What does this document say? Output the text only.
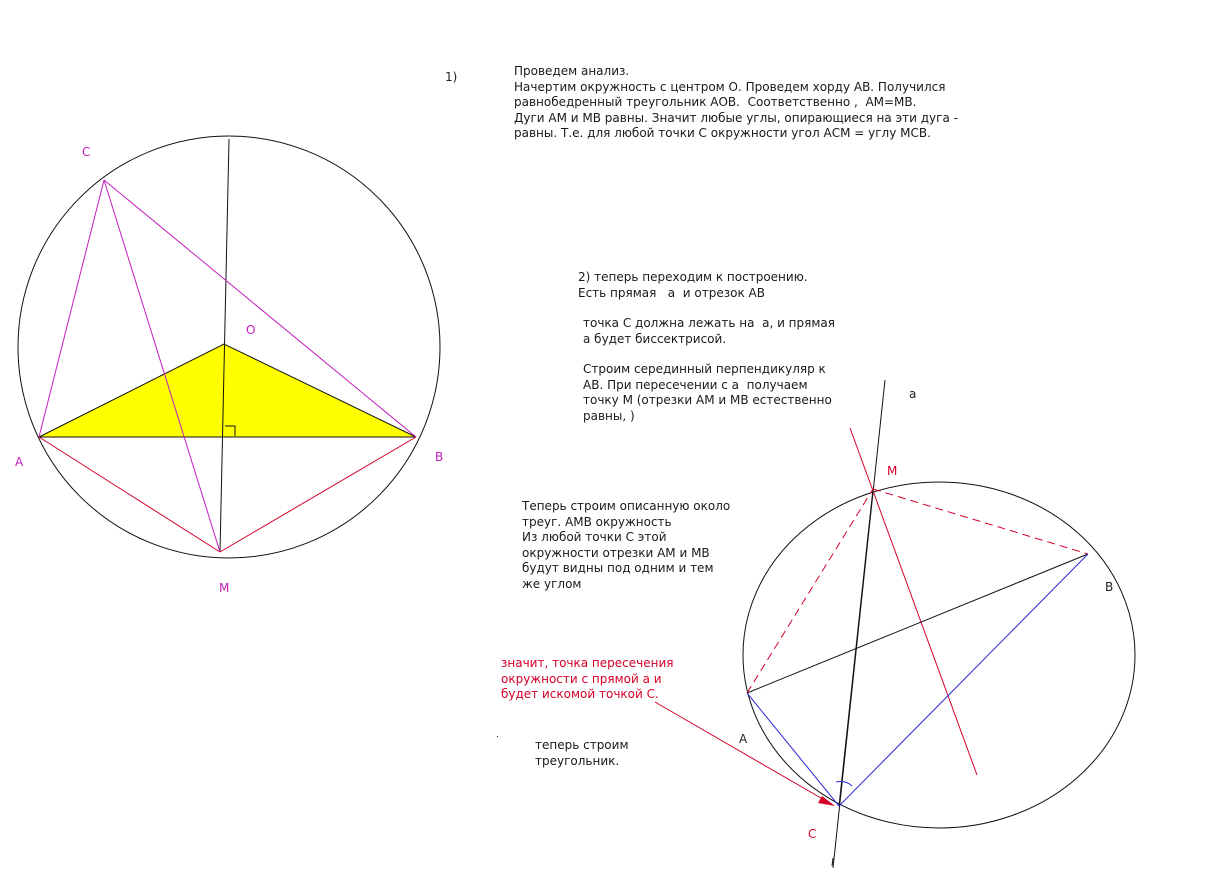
1)
C
O
A	B
M
Проведем анализ.
Начертим окружность с центром О. Проведем хорду АВ. Получился
равнобедренный треугольник АОВ.  Соответственно ,  АМ=МВ.
Дуги АМ и МВ равны. Значит любые углы, опирающиеся на эти дуга -
равны. Т.е. для любой точки С окружности угол АСМ = углу МСВ.
2) теперь переходим к построению.
Есть прямая   а  и отрезок АВ
точка С должна лежать на  а, и прямая
а будет биссектрисой.
Строим серединный перпендикуляр к
АВ. При пересечении с а  получаем
точку М (отрезки АМ и МВ естественно
равны, )
Теперь строим описанную около
треуг. АМВ окружность
Из любой точки С этой
окружности отрезки АМ и МВ
будут видны под одним и тем
же углом
значит, точка пересечения
окружности с прямой а и
будет искомой точкой С.
теперь строим
треугольник.
а
M
B
A
C
